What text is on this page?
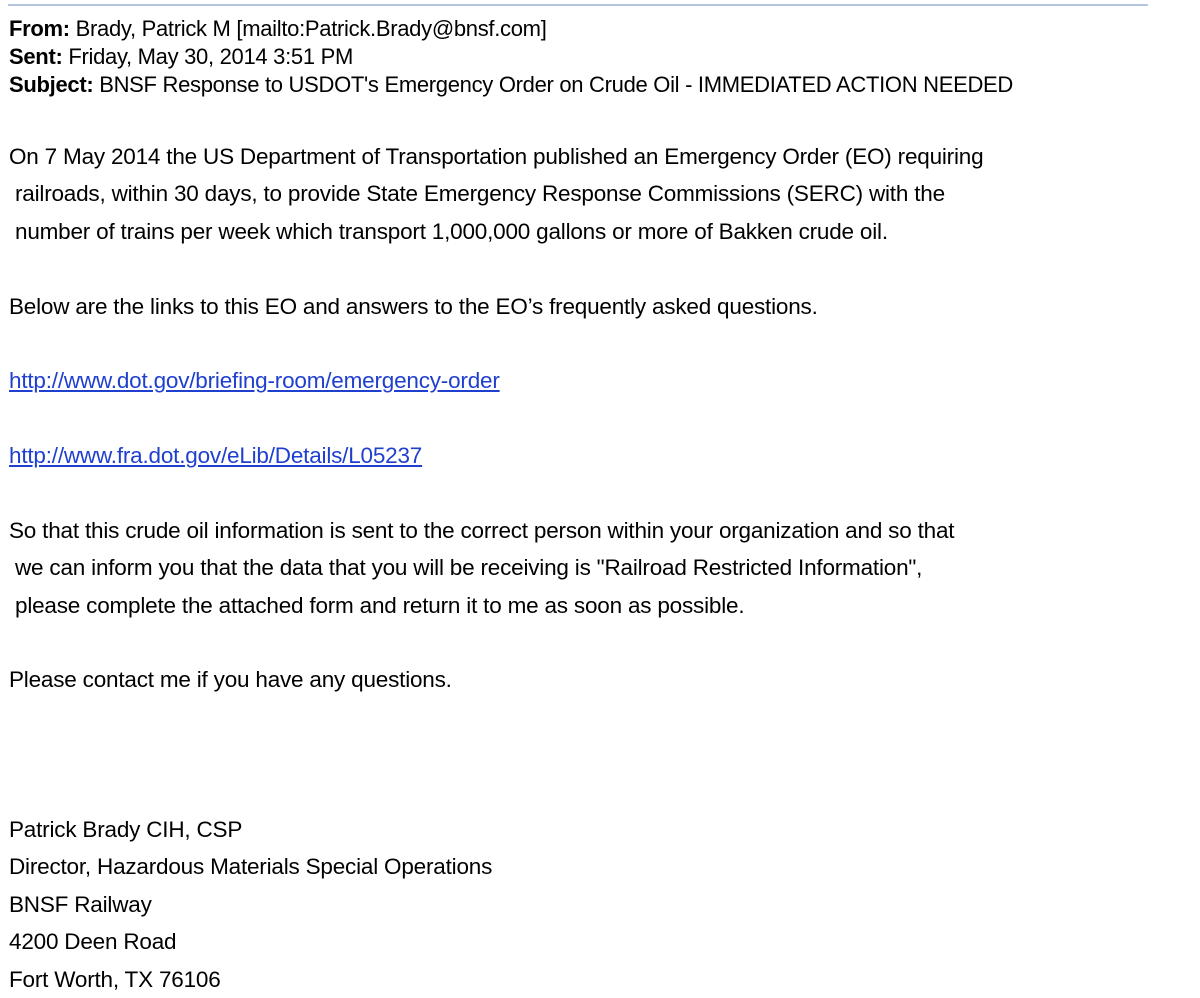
From: Brady, Patrick M [mailto:Patrick.Brady@bnsf.com]
Sent: Friday, May 30, 2014 3:51 PM
Subject: BNSF Response to USDOT's Emergency Order on Crude Oil - IMMEDIATED ACTION NEEDED
On 7 May 2014 the US Department of Transportation published an Emergency Order (EO) requiring
railroads, within 30 days, to provide State Emergency Response Commissions (SERC) with the
number of trains per week which transport 1,000,000 gallons or more of Bakken crude oil.
Below are the links to this EO and answers to the EO’s frequently asked questions.
http://www.dot.gov/briefing-room/emergency-order
http://www.fra.dot.gov/eLib/Details/L05237
So that this crude oil information is sent to the correct person within your organization and so that
we can inform you that the data that you will be receiving is "Railroad Restricted Information",
please complete the attached form and return it to me as soon as possible.
Please contact me if you have any questions.
Patrick Brady CIH, CSP
Director, Hazardous Materials Special Operations
BNSF Railway
4200 Deen Road
Fort Worth, TX 76106
